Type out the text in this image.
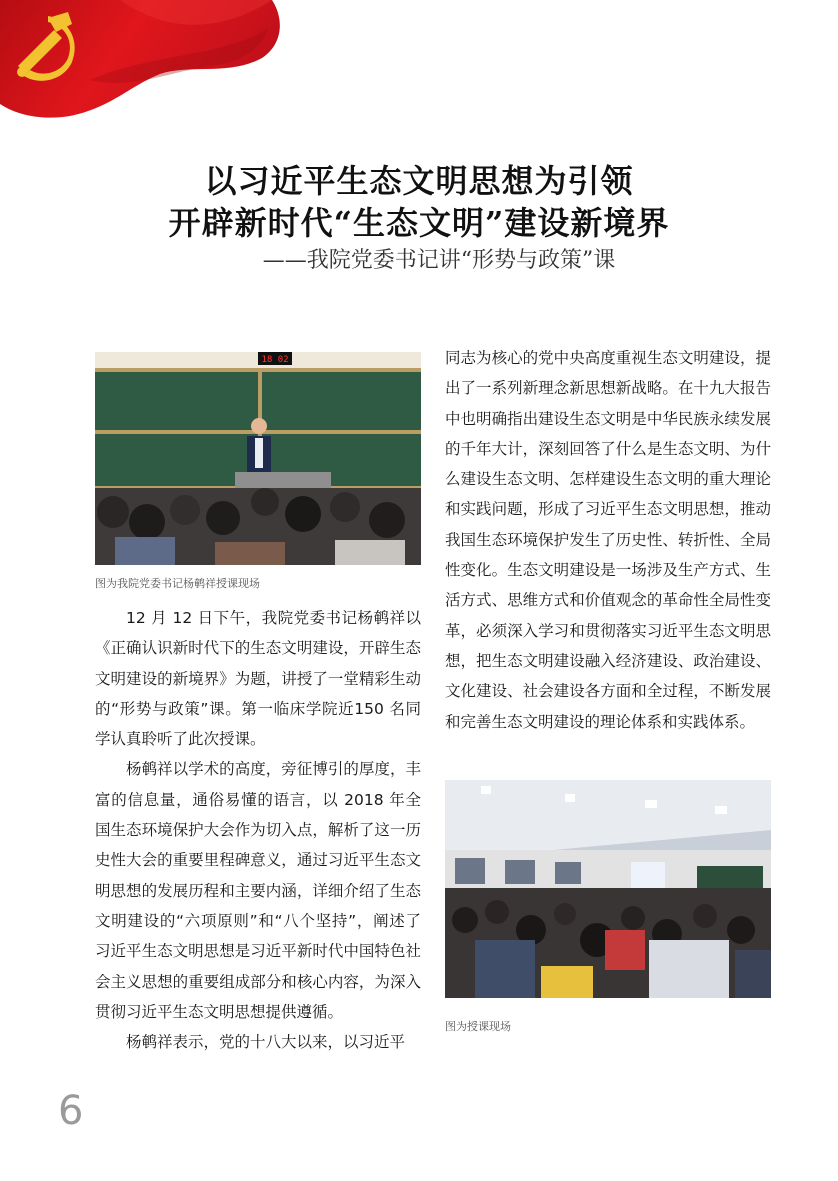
以习近平生态文明思想为引领
开辟新时代“生态文明”建设新境界
——我院党委书记讲“形势与政策”课
18 02
图为我院党委书记杨鹌祥授课现场

12 月 12 日下午，我院党委书记杨鹌祥以《正确认识新时代下的生态文明建设，开辟生态文明建设的新境界》为题，讲授了一堂精彩生动的“形势与政策”课。第一临床学院近150 名同学认真聆听了此次授课。

杨鹌祥以学术的高度，旁征博引的厚度，丰富的信息量，通俗易懂的语言，以 2018 年全国生态环境保护大会作为切入点，解析了这一历史性大会的重要里程碑意义，通过习近平生态文明思想的发展历程和主要内涵，详细介绍了生态文明建设的“六项原则”和“八个坚持”，阐述了习近平生态文明思想是习近平新时代中国特色社会主义思想的重要组成部分和核心内容，为深入贯彻习近平生态文明思想提供遵循。

杨鹌祥表示，党的十八大以来，以习近平

同志为核心的党中央高度重视生态文明建设，提出了一系列新理念新思想新战略。在十九大报告中也明确指出建设生态文明是中华民族永续发展的千年大计，深刻回答了什么是生态文明、为什么建设生态文明、怎样建设生态文明的重大理论和实践问题，形成了习近平生态文明思想，推动我国生态环境保护发生了历史性、转折性、全局性变化。生态文明建设是一场涉及生产方式、生活方式、思维方式和价值观念的革命性全局性变革，必须深入学习和贯彻落实习近平生态文明思想，把生态文明建设融入经济建设、政治建设、文化建设、社会建设各方面和全过程，不断发展和完善生态文明建设的理论体系和实践体系。

图为授课现场
6
